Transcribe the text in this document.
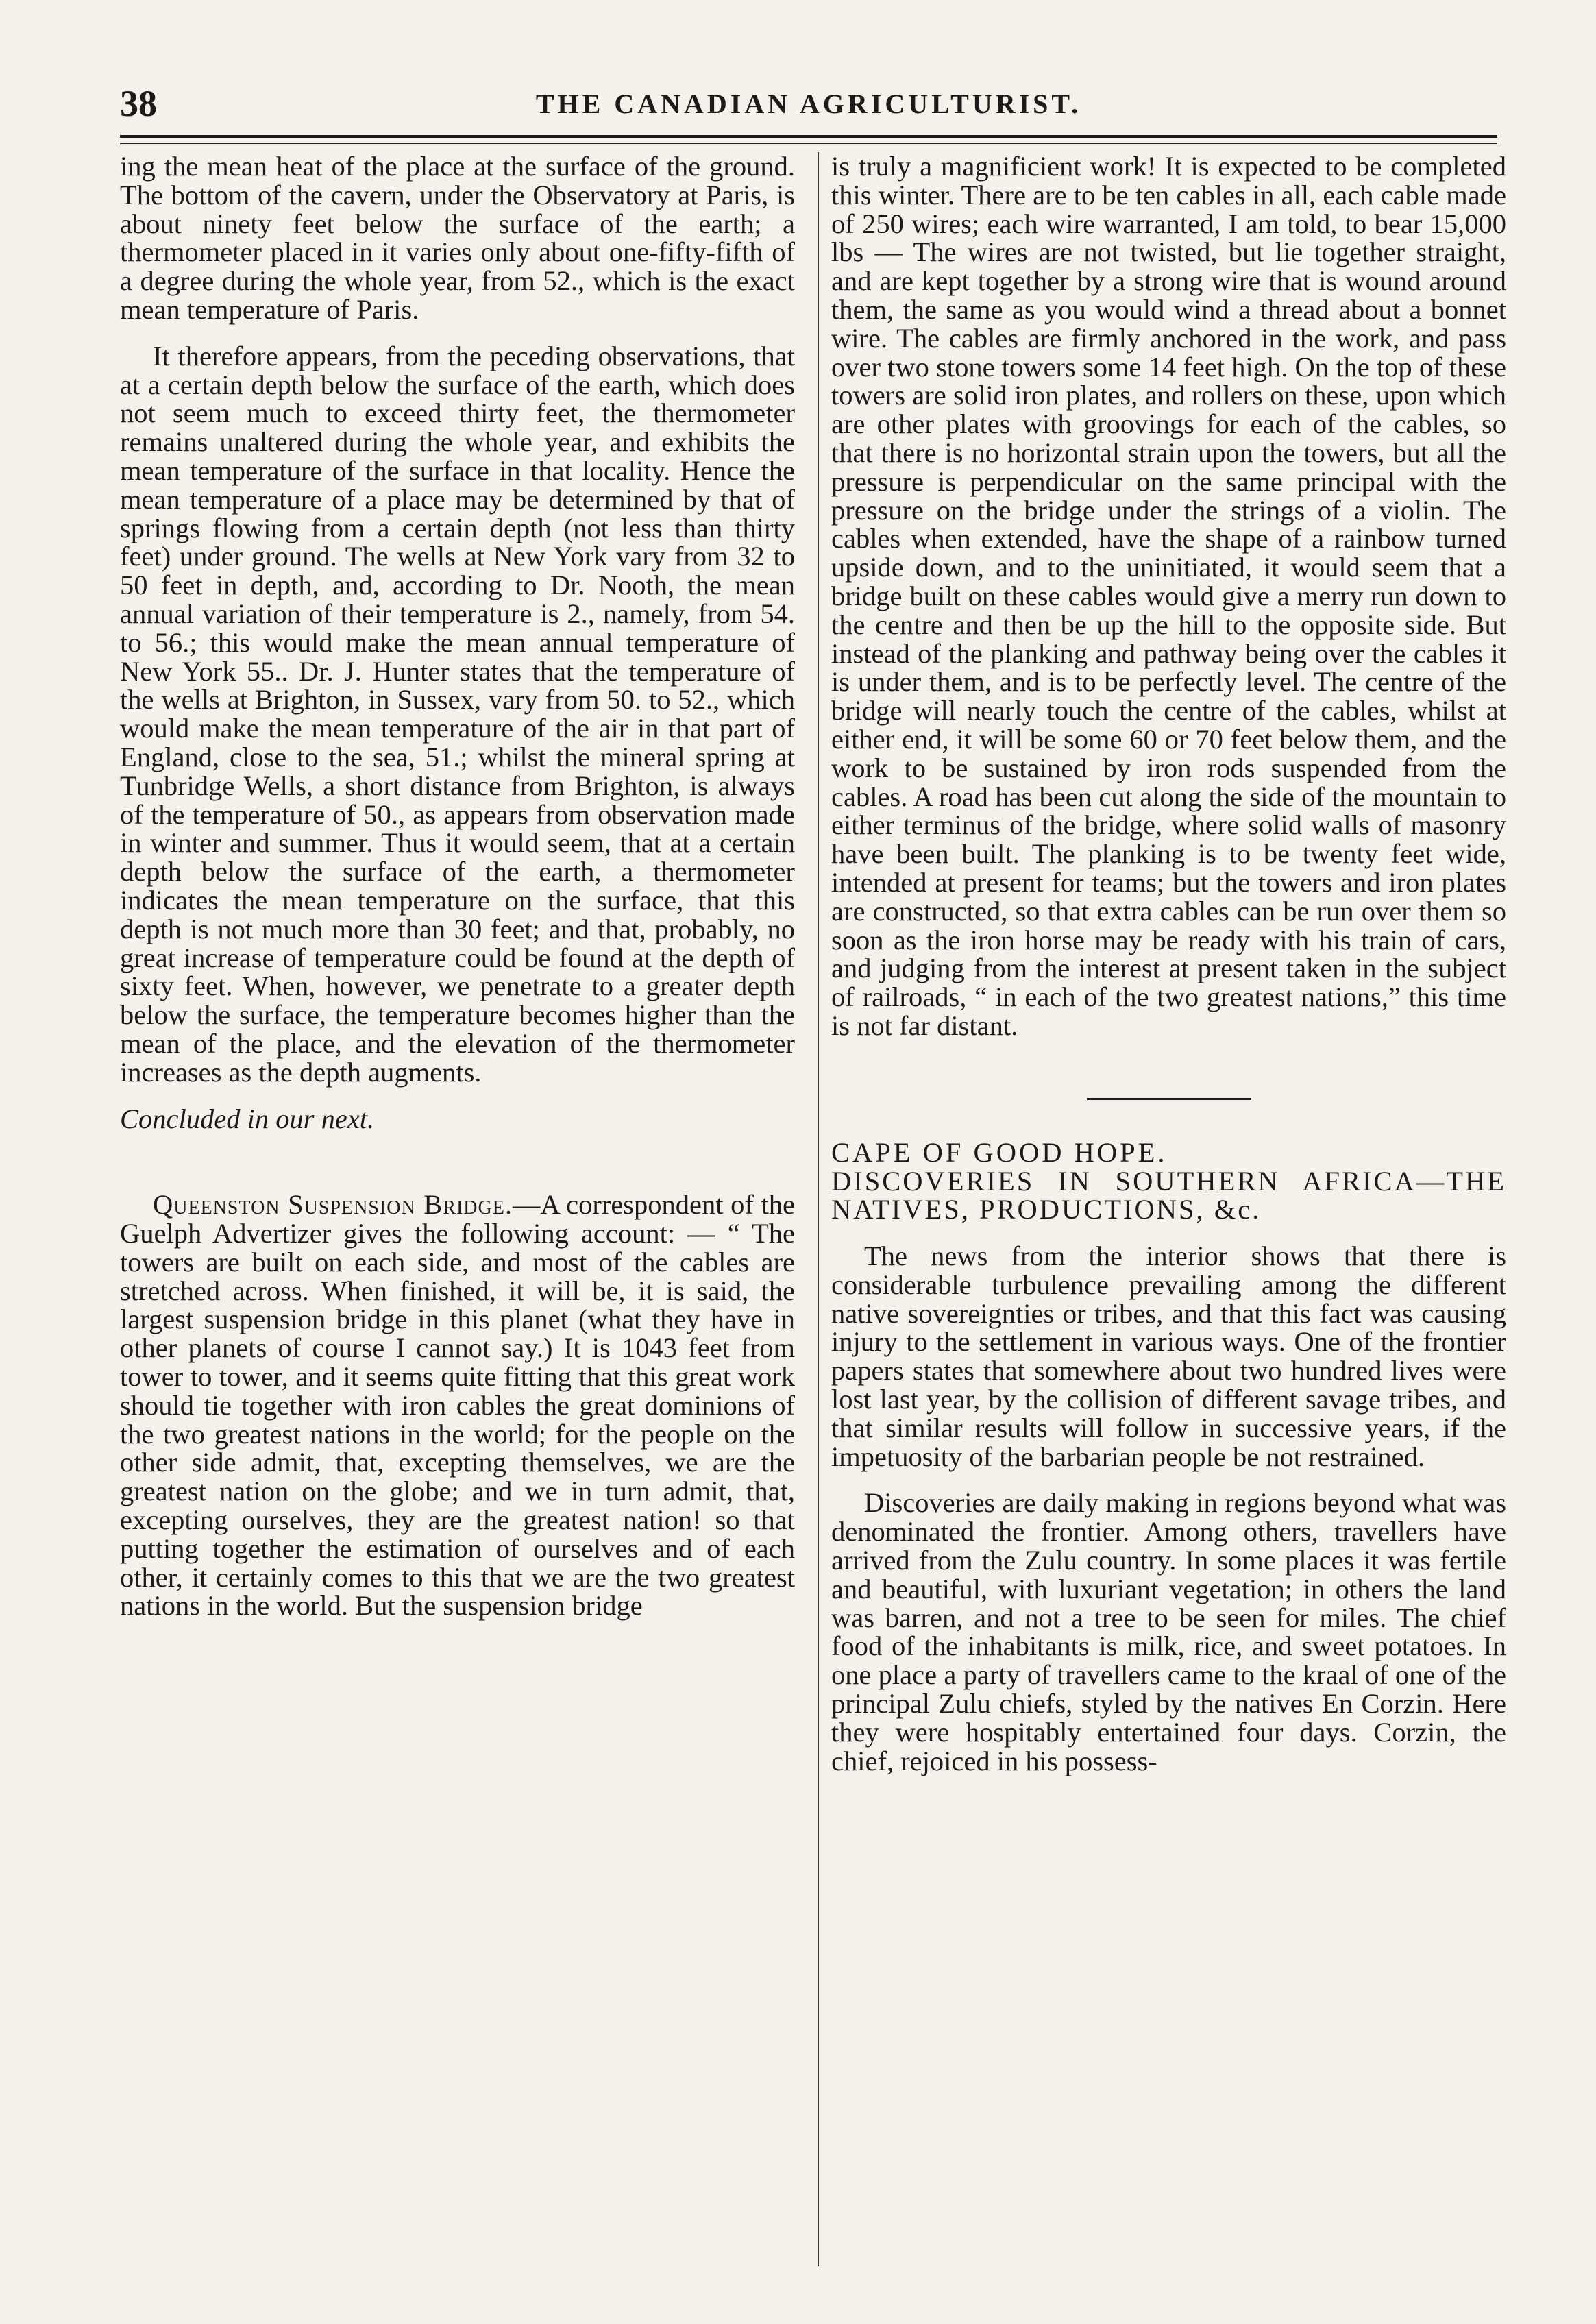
38	THE CANADIAN AGRICULTURIST.

ing the mean heat of the place at the surface of the ground. The bottom of the cavern, under the Observatory at Paris, is about ninety feet below the surface of the earth; a thermometer placed in it varies only about one-fifty-fifth of a degree during the whole year, from 52., which is the exact mean temperature of Paris.

It therefore appears, from the peceding observations, that at a certain depth below the surface of the earth, which does not seem much to exceed thirty feet, the thermometer remains unaltered during the whole year, and exhibits the mean temperature of the surface in that locality. Hence the mean temperature of a place may be determined by that of springs flowing from a certain depth (not less than thirty feet) under ground. The wells at New York vary from 32 to 50 feet in depth, and, according to Dr. Nooth, the mean annual variation of their temperature is 2., namely, from 54. to 56.; this would make the mean annual temperature of New York 55.. Dr. J. Hunter states that the temperature of the wells at Brighton, in Sussex, vary from 50. to 52., which would make the mean temperature of the air in that part of England, close to the sea, 51.; whilst the mineral spring at Tunbridge Wells, a short distance from Brighton, is always of the temperature of 50., as appears from observation made in winter and summer. Thus it would seem, that at a certain depth below the surface of the earth, a thermometer indicates the mean temperature on the surface, that this depth is not much more than 30 feet; and that, probably, no great increase of temperature could be found at the depth of sixty feet. When, however, we penetrate to a greater depth below the surface, the temperature becomes higher than the mean of the place, and the elevation of the thermometer increases as the depth augments.

Concluded in our next.

Queenston Suspension Bridge.—A correspondent of the Guelph Advertizer gives the following account: — “ The towers are built on each side, and most of the cables are stretched across. When finished, it will be, it is said, the largest suspension bridge in this planet (what they have in other planets of course I cannot say.) It is 1043 feet from tower to tower, and it seems quite fitting that this great work should tie together with iron cables the great dominions of the two greatest nations in the world; for the people on the other side admit, that, excepting themselves, we are the greatest nation on the globe; and we in turn admit, that, excepting ourselves, they are the greatest nation! so that putting together the estimation of ourselves and of each other, it certainly comes to this that we are the two greatest nations in the world. But the suspension bridge

is truly a magnificient work! It is expected to be completed this winter. There are to be ten cables in all, each cable made of 250 wires; each wire warranted, I am told, to bear 15,000 lbs — The wires are not twisted, but lie together straight, and are kept together by a strong wire that is wound around them, the same as you would wind a thread about a bonnet wire. The cables are firmly anchored in the work, and pass over two stone towers some 14 feet high. On the top of these towers are solid iron plates, and rollers on these, upon which are other plates with groovings for each of the cables, so that there is no horizontal strain upon the towers, but all the pressure is perpendicular on the same principal with the pressure on the bridge under the strings of a violin. The cables when extended, have the shape of a rainbow turned upside down, and to the uninitiated, it would seem that a bridge built on these cables would give a merry run down to the centre and then be up the hill to the opposite side. But instead of the planking and pathway being over the cables it is under them, and is to be perfectly level. The centre of the bridge will nearly touch the centre of the cables, whilst at either end, it will be some 60 or 70 feet below them, and the work to be sustained by iron rods suspended from the cables. A road has been cut along the side of the mountain to either terminus of the bridge, where solid walls of masonry have been built. The planking is to be twenty feet wide, intended at present for teams; but the towers and iron plates are constructed, so that extra cables can be run over them so soon as the iron horse may be ready with his train of cars, and judging from the interest at present taken in the subject of railroads, “ in each of the two greatest nations,” this time is not far distant.

CAPE OF GOOD HOPE.

DISCOVERIES IN SOUTHERN AFRICA—THE NATIVES, PRODUCTIONS, &c.

The news from the interior shows that there is considerable turbulence prevailing among the different native sovereignties or tribes, and that this fact was causing injury to the settlement in various ways. One of the frontier papers states that somewhere about two hundred lives were lost last year, by the collision of different savage tribes, and that similar results will follow in successive years, if the impetuosity of the barbarian people be not restrained.

Discoveries are daily making in regions beyond what was denominated the frontier. Among others, travellers have arrived from the Zulu country. In some places it was fertile and beautiful, with luxuriant vegetation; in others the land was barren, and not a tree to be seen for miles. The chief food of the inhabitants is milk, rice, and sweet potatoes. In one place a party of travellers came to the kraal of one of the principal Zulu chiefs, styled by the natives En Corzin. Here they were hospitably entertained four days. Corzin, the chief, rejoiced in his possess-
